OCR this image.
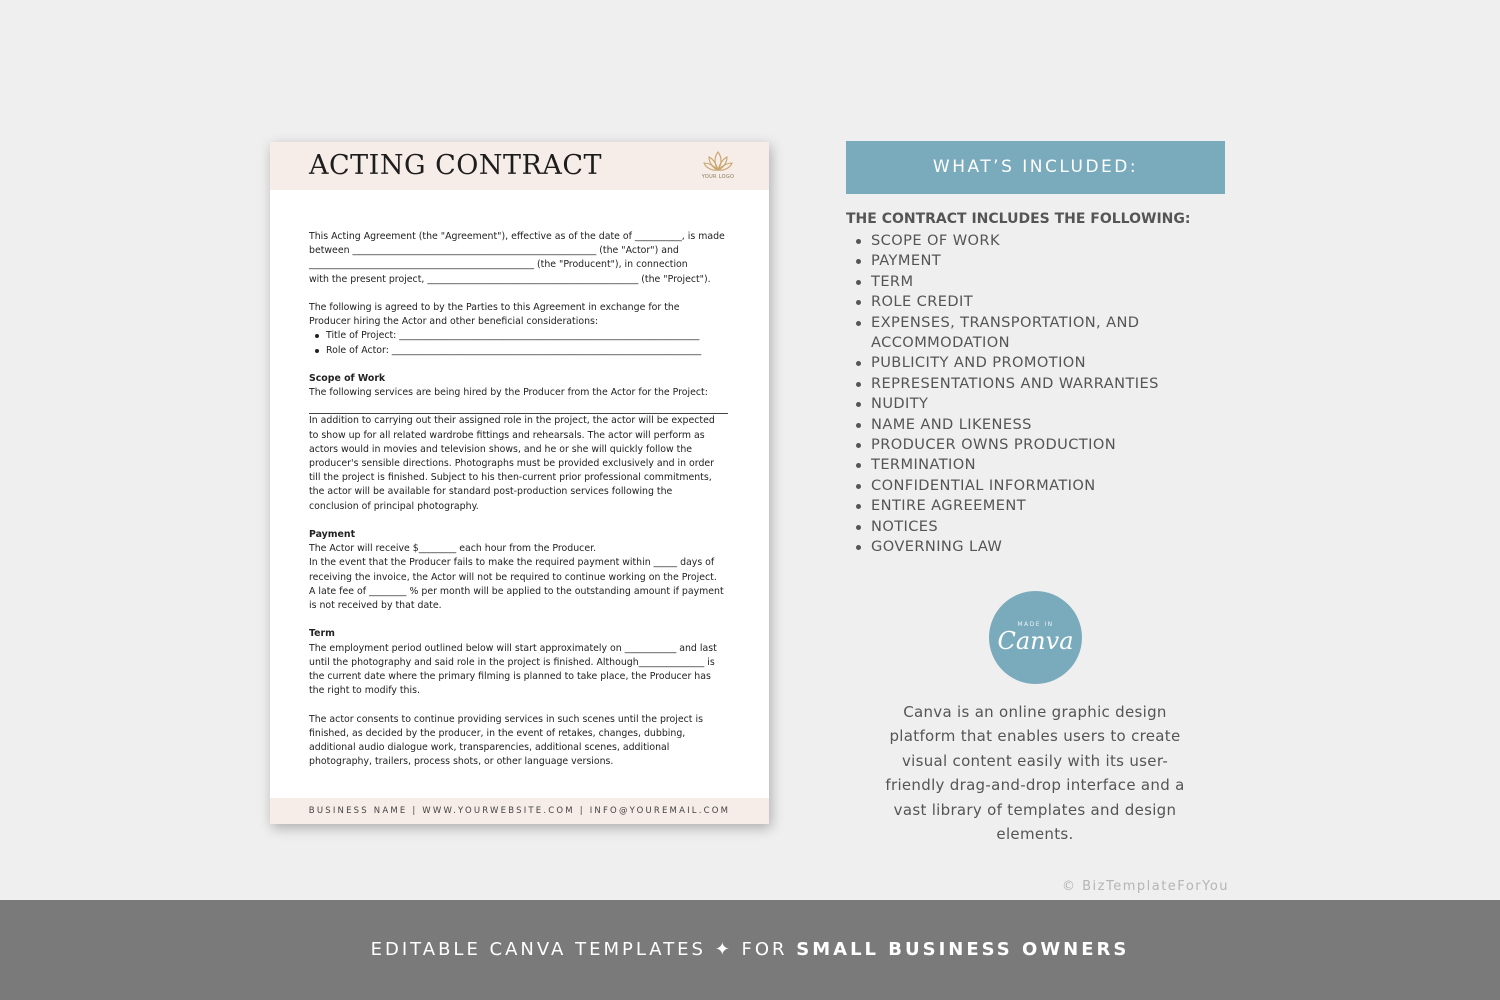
ACTING CONTRACT	YOUR LOGO

This Acting Agreement (the "Agreement"), effective as of the date of __________, is made

between ____________________________________________________ (the "Actor") and

________________________________________________ (the "Producent"), in connection

with the present project, _____________________________________________ (the "Project").

The following is agreed to by the Parties to this Agreement in exchange for the

Producer hiring the Actor and other beneficial considerations:

Title of Project: ________________________________________________________________

Role of Actor: __________________________________________________________________

Scope of Work

The following services are being hired by the Producer from the Actor for the Project:

In addition to carrying out their assigned role in the project, the actor will be expected

to show up for all related wardrobe fittings and rehearsals. The actor will perform as

actors would in movies and television shows, and he or she will quickly follow the

producer's sensible directions. Photographs must be provided exclusively and in order

till the project is finished. Subject to his then-current prior professional commitments,

the actor will be available for standard post-production services following the

conclusion of principal photography.

Payment

The Actor will receive $________ each hour from the Producer.

In the event that the Producer fails to make the required payment within _____ days of

receiving the invoice, the Actor will not be required to continue working on the Project.

A late fee of ________ % per month will be applied to the outstanding amount if payment

is not received by that date.

Term

The employment period outlined below will start approximately on ___________ and last

until the photography and said role in the project is finished. Although______________ is

the current date where the primary filming is planned to take place, the Producer has

the right to modify this.

The actor consents to continue providing services in such scenes until the project is

finished, as decided by the producer, in the event of retakes, changes, dubbing,

additional audio dialogue work, transparencies, additional scenes, additional

photography, trailers, process shots, or other language versions.

BUSINESS NAME | WWW.YOURWEBSITE.COM | INFO@YOUREMAIL.COM
WHAT’S INCLUDED:
THE CONTRACT INCLUDES THE FOLLOWING:
SCOPE OF WORK
PAYMENT
TERM
ROLE CREDIT
EXPENSES, TRANSPORTATION, AND ACCOMMODATION
PUBLICITY AND PROMOTION
REPRESENTATIONS AND WARRANTIES
NUDITY
NAME AND LIKENESS
PRODUCER OWNS PRODUCTION
TERMINATION
CONFIDENTIAL INFORMATION
ENTIRE AGREEMENT
NOTICES
GOVERNING LAW
MADE IN
Canva
Canva is an online graphic design platform that enables users to create visual content easily with its user-friendly drag-and-drop interface and a vast library of templates and design elements.
© BizTemplateForYou
EDITABLE CANVA TEMPLATES ✦ FOR SMALL BUSINESS OWNERS
